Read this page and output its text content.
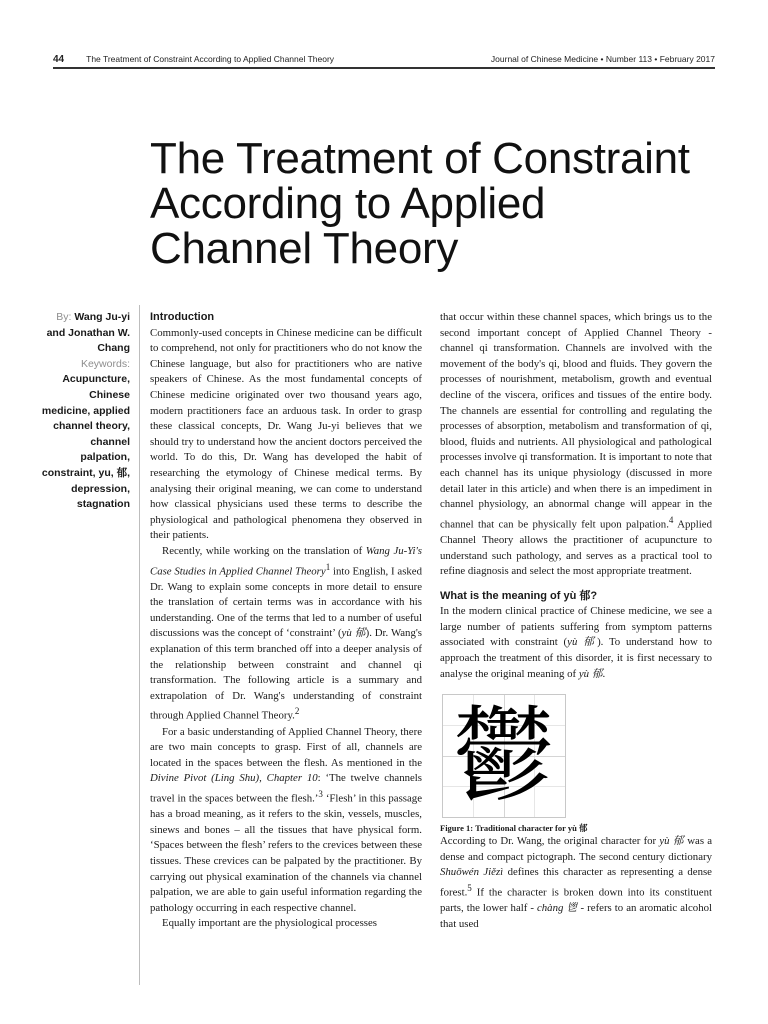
44	The Treatment of Constraint According to Applied Channel Theory	Journal of Chinese Medicine • Number 113 • February 2017
The Treatment of Constraint According to Applied Channel Theory
By: Wang Ju-yi and Jonathan W. Chang
Keywords:
Acupuncture, Chinese medicine, applied channel theory, channel palpation, constraint, yu, 郁, depression, stagnation
Introduction

Commonly-used concepts in Chinese medicine can be difficult to comprehend, not only for practitioners who do not know the Chinese language, but also for practitioners who are native speakers of Chinese. As the most fundamental concepts of Chinese medicine originated over two thousand years ago, modern practitioners face an arduous task. In order to grasp these classical concepts, Dr. Wang Ju-yi believes that we should try to understand how the ancient doctors perceived the world. To do this, Dr. Wang has developed the habit of researching the etymology of Chinese medical terms. By analysing their original meaning, we can come to understand how classical physicians used these terms to describe the physiological and pathological phenomena they observed in their patients.

Recently, while working on the translation of Wang Ju-Yi's Case Studies in Applied Channel Theory$^1$ into English, I asked Dr. Wang to explain some concepts in more detail to ensure the translation of certain terms was in accordance with his understanding. One of the terms that led to a number of useful discussions was the concept of ‘constraint’ (yù 郁). Dr. Wang's explanation of this term branched off into a deeper analysis of the relationship between constraint and channel qi transformation. The following article is a summary and extrapolation of Dr. Wang's understanding of constraint through Applied Channel Theory.$^2$

For a basic understanding of Applied Channel Theory, there are two main concepts to grasp. First of all, channels are located in the spaces between the flesh. As mentioned in the Divine Pivot (Ling Shu), Chapter 10: ‘The twelve channels travel in the spaces between the flesh.’$^3$ ‘Flesh’ in this passage has a broad meaning, as it refers to the skin, vessels, muscles, sinews and bones – all the tissues that have physical form. ‘Spaces between the flesh’ refers to the crevices between these tissues. These crevices can be palpated by the practitioner. By carrying out physical examination of the channels via channel palpation, we are able to gain useful information regarding the pathology occurring in each respective channel.

Equally important are the physiological processes

that occur within these channel spaces, which brings us to the second important concept of Applied Channel Theory - channel qi transformation. Channels are involved with the movement of the body's qi, blood and fluids. They govern the processes of nourishment, metabolism, growth and eventual decline of the viscera, orifices and tissues of the entire body. The channels are essential for controlling and regulating the processes of absorption, metabolism and transformation of qi, blood, fluids and nutrients. All physiological and pathological processes involve qi transformation. It is important to note that each channel has its unique physiology (discussed in more detail later in this article) and when there is an impediment in channel physiology, an abnormal change will appear in the channel that can be physically felt upon palpation.$^4$ Applied Channel Theory allows the practitioner of acupuncture to understand such pathology, and serves as a practical tool to refine diagnosis and select the most appropriate treatment.

What is the meaning of yù 郁?

In the modern clinical practice of Chinese medicine, we see a large number of patients suffering from symptom patterns associated with constraint (yù 郁). To understand how to approach the treatment of this disorder, it is first necessary to analyse the original meaning of yù 郁.

鬱

Figure 1: Traditional character for yù 郁

According to Dr. Wang, the original character for yù 郁 was a dense and compact pictograph. The second century dictionary Shuōwén Jiězì defines this character as representing a dense forest.$^5$ If the character is broken down into its constituent parts, the lower half - chàng 鬯 - refers to an aromatic alcohol that used
